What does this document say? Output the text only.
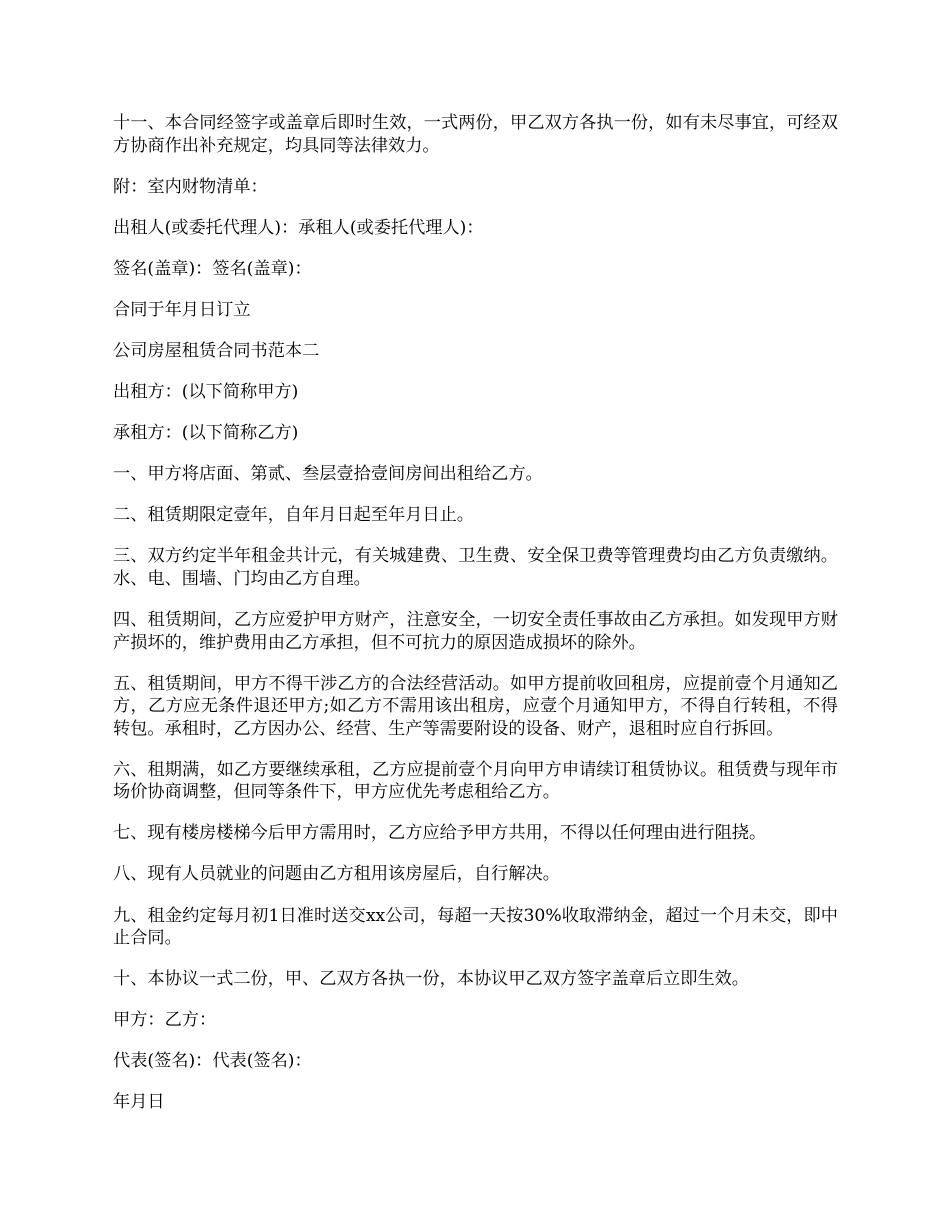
十一、本合同经签字或盖章后即时生效，一式两份，甲乙双方各执一份，如有未尽事宜，可经双方协商作出补充规定，均具同等法律效力。

附：室内财物清单：

出租人(或委托代理人)：承租人(或委托代理人)：

签名(盖章)：签名(盖章)：

合同于年月日订立

公司房屋租赁合同书范本二

出租方：(以下简称甲方)

承租方：(以下简称乙方)

一、甲方将店面、第贰、叁层壹拾壹间房间出租给乙方。

二、租赁期限定壹年，自年月日起至年月日止。

三、双方约定半年租金共计元，有关城建费、卫生费、安全保卫费等管理费均由乙方负责缴纳。水、电、围墙、门均由乙方自理。

四、租赁期间，乙方应爱护甲方财产，注意安全，一切安全责任事故由乙方承担。如发现甲方财产损坏的，维护费用由乙方承担，但不可抗力的原因造成损坏的除外。

五、租赁期间，甲方不得干涉乙方的合法经营活动。如甲方提前收回租房，应提前壹个月通知乙方，乙方应无条件退还甲方;如乙方不需用该出租房，应壹个月通知甲方，不得自行转租，不得转包。承租时，乙方因办公、经营、生产等需要附设的设备、财产，退租时应自行拆回。

六、租期满，如乙方要继续承租，乙方应提前壹个月向甲方申请续订租赁协议。租赁费与现年市场价协商调整，但同等条件下，甲方应优先考虑租给乙方。

七、现有楼房楼梯今后甲方需用时，乙方应给予甲方共用，不得以任何理由进行阻挠。

八、现有人员就业的问题由乙方租用该房屋后，自行解决。

九、租金约定每月初1日准时送交xx公司，每超一天按30%收取滞纳金，超过一个月未交，即中止合同。

十、本协议一式二份，甲、乙双方各执一份，本协议甲乙双方签字盖章后立即生效。

甲方：乙方：

代表(签名)：代表(签名)：

年月日
